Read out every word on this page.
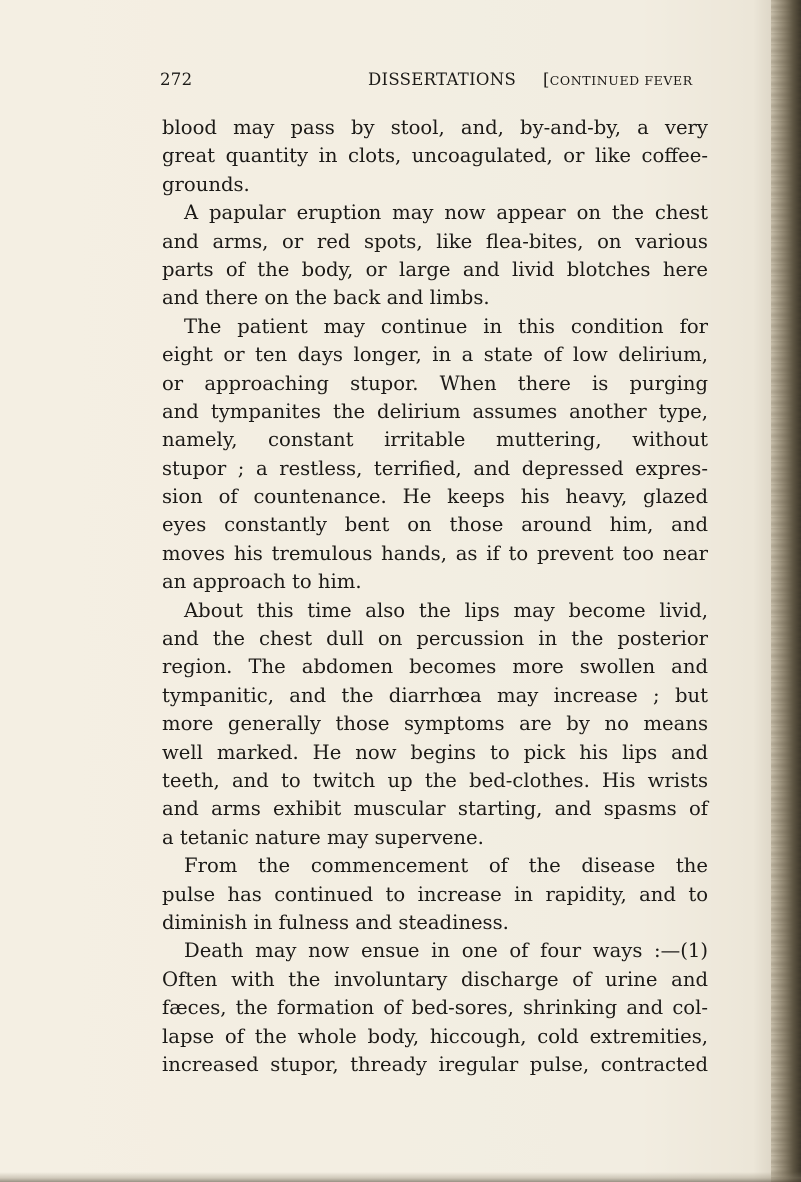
272	DISSERTATIONS [CONTINUED FEVER
blood may pass by stool, and, by-and-by, a very
great quantity in clots, uncoagulated, or like coffee-
grounds.
A papular eruption may now appear on the chest
and arms, or red spots, like flea-bites, on various
parts of the body, or large and livid blotches here
and there on the back and limbs.
The patient may continue in this condition for
eight or ten days longer, in a state of low delirium,
or approaching stupor. When there is purging
and tympanites the delirium assumes another type,
namely, constant irritable muttering, without
stupor ; a restless, terrified, and depressed expres-
sion of countenance. He keeps his heavy, glazed
eyes constantly bent on those around him, and
moves his tremulous hands, as if to prevent too near
an approach to him.
About this time also the lips may become livid,
and the chest dull on percussion in the posterior
region. The abdomen becomes more swollen and
tympanitic, and the diarrhœa may increase ; but
more generally those symptoms are by no means
well marked. He now begins to pick his lips and
teeth, and to twitch up the bed-clothes. His wrists
and arms exhibit muscular starting, and spasms of
a tetanic nature may supervene.
From the commencement of the disease the
pulse has continued to increase in rapidity, and to
diminish in fulness and steadiness.
Death may now ensue in one of four ways :—(1)
Often with the involuntary discharge of urine and
fæces, the formation of bed-sores, shrinking and col-
lapse of the whole body, hiccough, cold extremities,
increased stupor, thready iregular pulse, contracted
